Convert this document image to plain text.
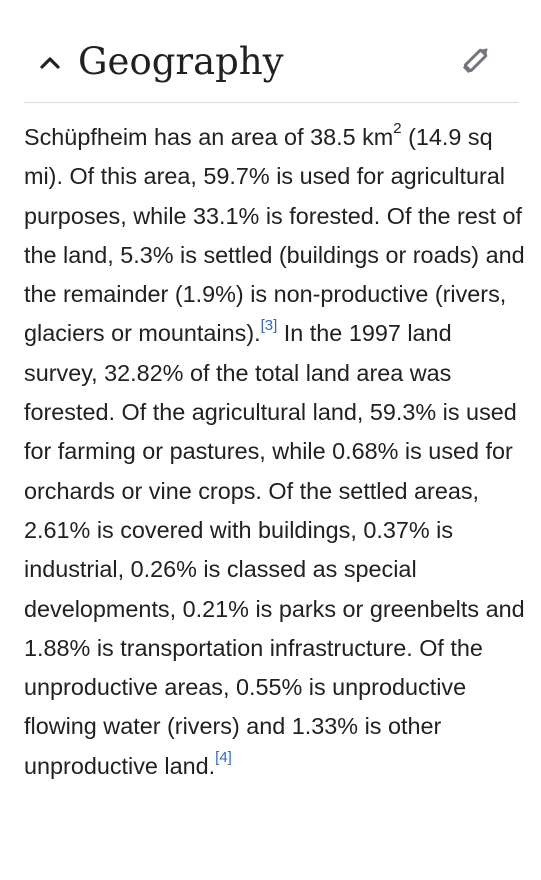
Geography

Schüpfheim has an area of 38.5 $km^2$ (14.9 sq mi). Of this area, 59.7% is used for agricultural purposes, while 33.1% is forested. Of the rest of the land, 5.3% is settled (buildings or roads) and the remainder (1.9%) is non-productive (rivers, glaciers or mountains).[3] In the 1997 land survey, 32.82% of the total land area was forested. Of the agricultural land, 59.3% is used for farming or pastures, while 0.68% is used for orchards or vine crops. Of the settled areas, 2.61% is covered with buildings, 0.37% is industrial, 0.26% is classed as special developments, 0.21% is parks or greenbelts and 1.88% is transportation infrastructure. Of the unproductive areas, 0.55% is unproductive flowing water (rivers) and 1.33% is other unproductive land.[4]
